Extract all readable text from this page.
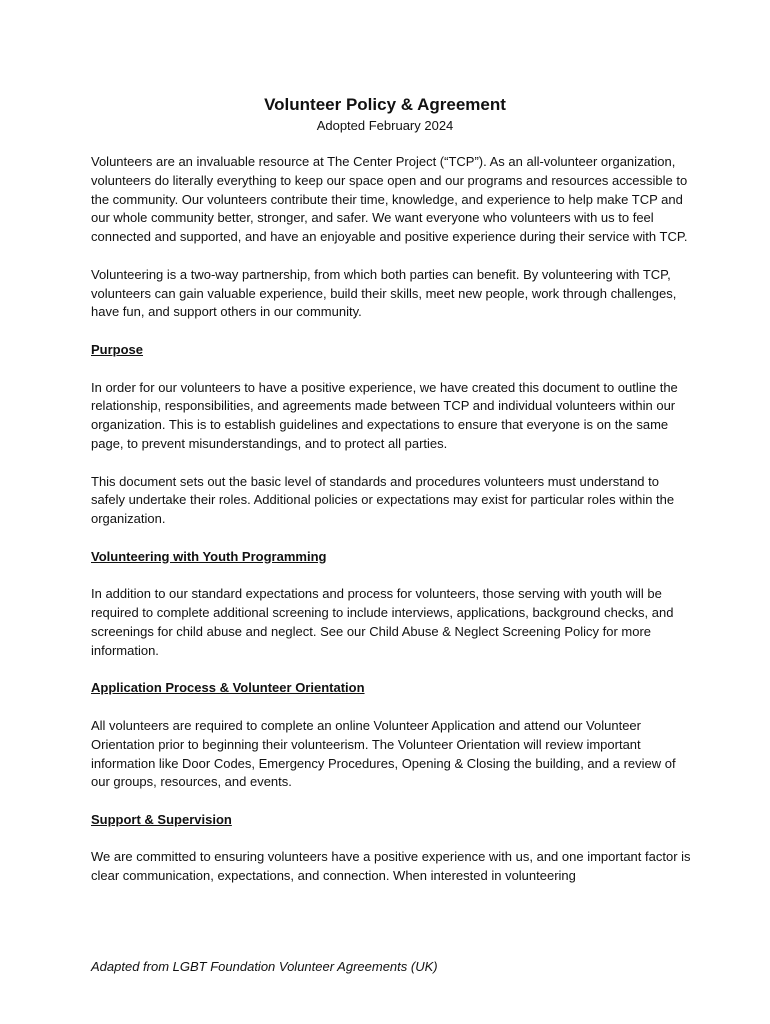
Volunteer Policy & Agreement
Adopted February 2024

Volunteers are an invaluable resource at The Center Project (“TCP”). As an all-volunteer organization, volunteers do literally everything to keep our space open and our programs and resources accessible to the community. Our volunteers contribute their time, knowledge, and experience to help make TCP and our whole community better, stronger, and safer. We want everyone who volunteers with us to feel connected and supported, and have an enjoyable and positive experience during their service with TCP.

Volunteering is a two-way partnership, from which both parties can benefit. By volunteering with TCP, volunteers can gain valuable experience, build their skills, meet new people, work through challenges, have fun, and support others in our community.

Purpose

In order for our volunteers to have a positive experience, we have created this document to outline the relationship, responsibilities, and agreements made between TCP and individual volunteers within our organization. This is to establish guidelines and expectations to ensure that everyone is on the same page, to prevent misunderstandings, and to protect all parties.

This document sets out the basic level of standards and procedures volunteers must understand to safely undertake their roles. Additional policies or expectations may exist for particular roles within the organization.

Volunteering with Youth Programming

In addition to our standard expectations and process for volunteers, those serving with youth will be required to complete additional screening to include interviews, applications, background checks, and screenings for child abuse and neglect. See our Child Abuse & Neglect Screening Policy for more information.

Application Process & Volunteer Orientation

All volunteers are required to complete an online Volunteer Application and attend our Volunteer Orientation prior to beginning their volunteerism. The Volunteer Orientation will review important information like Door Codes, Emergency Procedures, Opening & Closing the building, and a review of our groups, resources, and events.

Support & Supervision

We are committed to ensuring volunteers have a positive experience with us, and one important factor is clear communication, expectations, and connection. When interested in volunteering

Adapted from LGBT Foundation Volunteer Agreements (UK)
